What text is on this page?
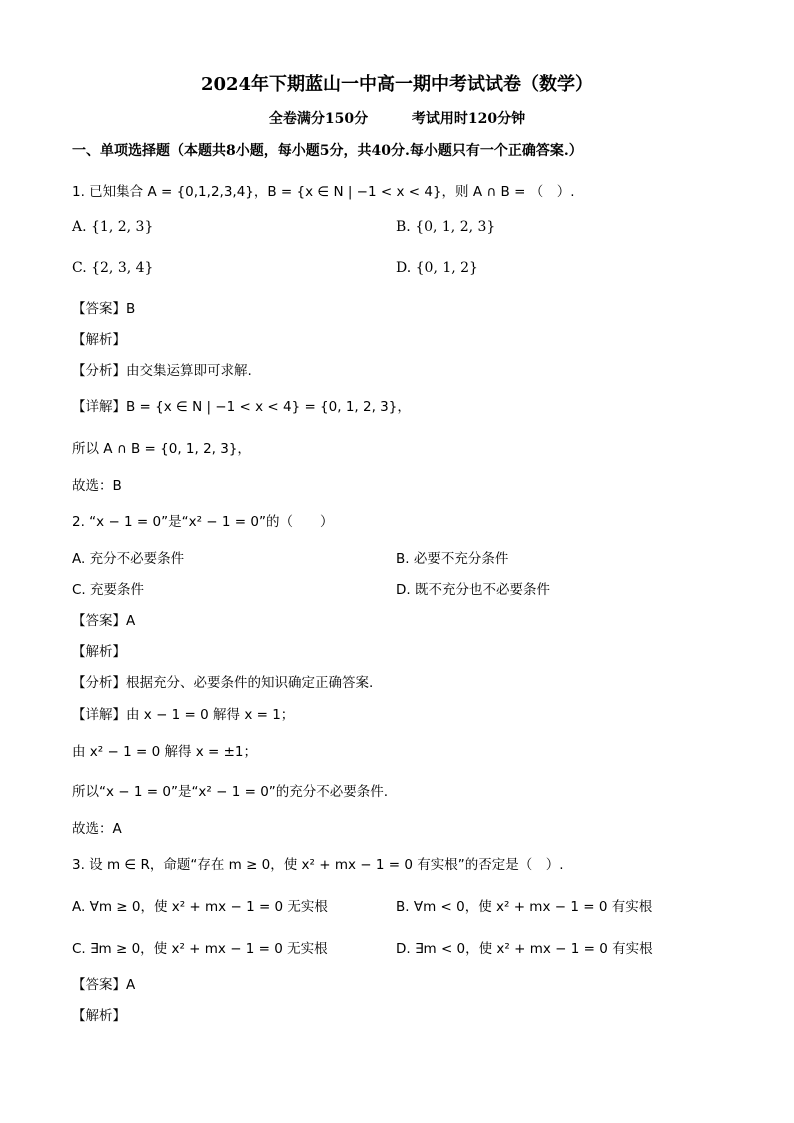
2024年下期蓝山一中高一期中考试试卷（数学）
全卷满分150分	考试用时120分钟
一、单项选择题（本题共8小题，每小题5分，共40分.每小题只有一个正确答案.）
1. 已知集合 A = {0,1,2,3,4}，B = {x ∈ N | −1 < x < 4}，则 A ∩ B = （　）.
A. {1, 2, 3}	B. {0, 1, 2, 3}
C. {2, 3, 4}	D. {0, 1, 2}
【答案】B
【解析】
【分析】由交集运算即可求解.
【详解】B = {x ∈ N | −1 < x < 4} = {0, 1, 2, 3}，
所以 A ∩ B = {0, 1, 2, 3}，
故选：B
2. “x − 1 = 0”是“x² − 1 = 0”的（　　）
A. 充分不必要条件	B. 必要不充分条件
C. 充要条件	D. 既不充分也不必要条件
【答案】A
【解析】
【分析】根据充分、必要条件的知识确定正确答案.
【详解】由 x − 1 = 0 解得 x = 1；
由 x² − 1 = 0 解得 x = ±1；
所以“x − 1 = 0”是“x² − 1 = 0”的充分不必要条件.
故选：A
3. 设 m ∈ R，命题“存在 m ≥ 0，使 x² + mx − 1 = 0 有实根”的否定是（　）.
A. ∀m ≥ 0，使 x² + mx − 1 = 0 无实根	B. ∀m < 0，使 x² + mx − 1 = 0 有实根
C. ∃m ≥ 0，使 x² + mx − 1 = 0 无实根	D. ∃m < 0，使 x² + mx − 1 = 0 有实根
【答案】A
【解析】
